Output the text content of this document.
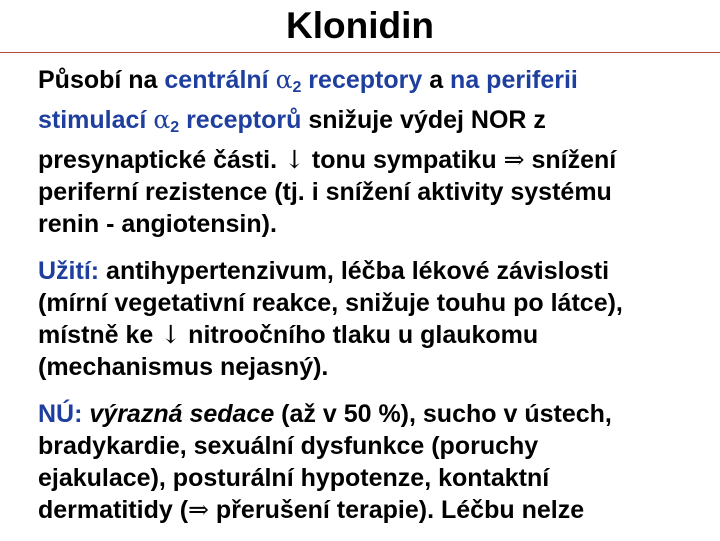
Klonidin

Působí na centrální $\alpha_2$ receptory a na periferii
stimulací $\alpha_2$ receptorů snižuje výdej NOR z
presynaptické části. ↓ tonu sympatiku ⇒ snížení
periferní rezistence (tj. i snížení aktivity systému
renin - angiotensin).

Užití: antihypertenzivum, léčba lékové závislosti
(mírní vegetativní reakce, snižuje touhu po látce),
místně ke ↓ nitroočního tlaku u glaukomu
(mechanismus nejasný).

NÚ: výrazná sedace (až v 50 %), sucho v ústech,
bradykardie, sexuální dysfunkce (poruchy
ejakulace), posturální hypotenze, kontaktní
dermatitidy (⇒ přerušení terapie). Léčbu nelze
